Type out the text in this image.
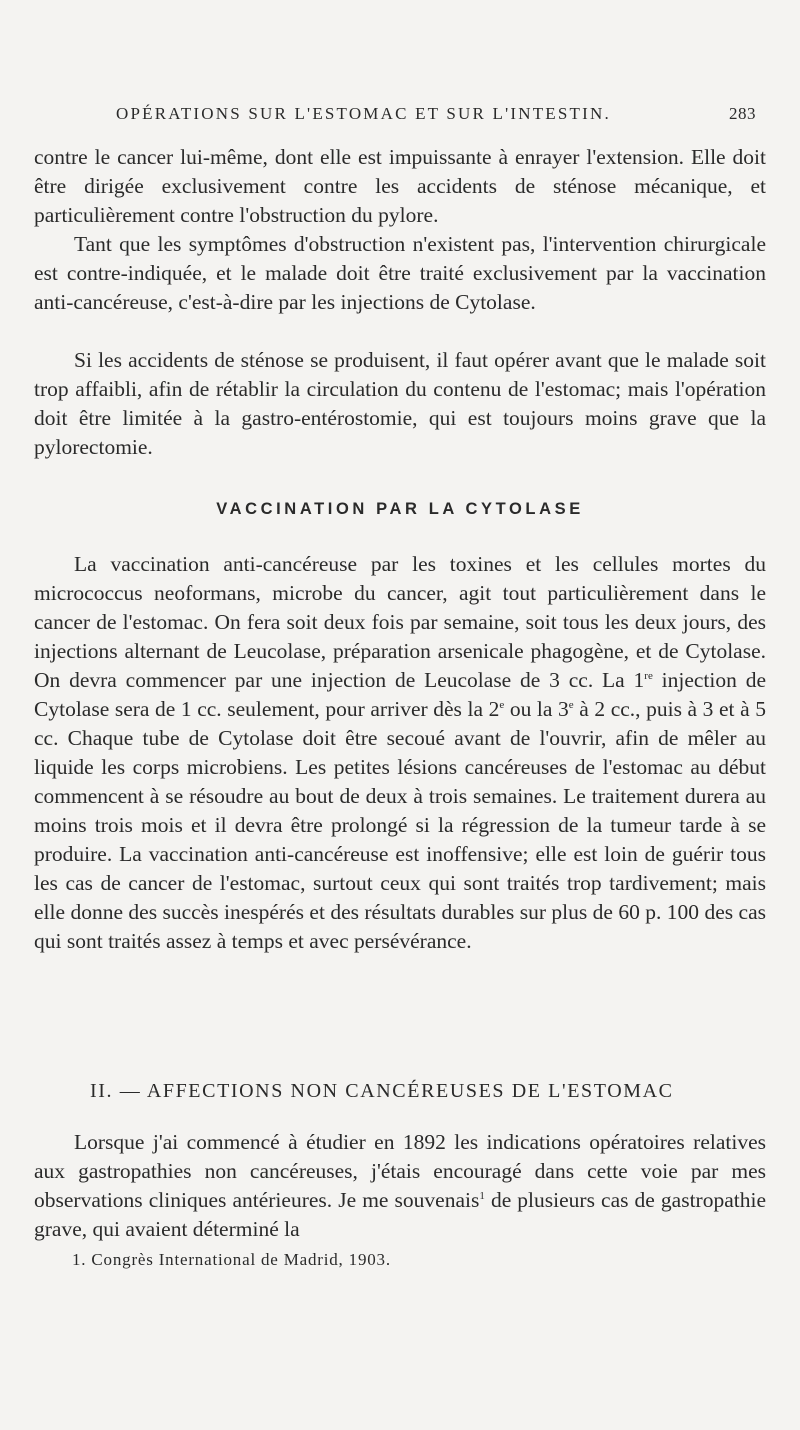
OPÉRATIONS SUR L'ESTOMAC ET SUR L'INTESTIN.	283

contre le cancer lui-même, dont elle est impuissante à enrayer l'extension. Elle doit être dirigée exclusivement contre les accidents de sténose mécanique, et particulièrement contre l'obstruction du pylore.

Tant que les symptômes d'obstruction n'existent pas, l'intervention chirurgicale est contre-indiquée, et le malade doit être traité exclusivement par la vaccination anti-cancéreuse, c'est-à-dire par les injections de Cytolase.

Si les accidents de sténose se produisent, il faut opérer avant que le malade soit trop affaibli, afin de rétablir la circulation du contenu de l'estomac; mais l'opération doit être limitée à la gastro-entérostomie, qui est toujours moins grave que la pylorectomie.

VACCINATION PAR LA CYTOLASE

La vaccination anti-cancéreuse par les toxines et les cellules mortes du micrococcus neoformans, microbe du cancer, agit tout particulièrement dans le cancer de l'estomac. On fera soit deux fois par semaine, soit tous les deux jours, des injections alternant de Leucolase, préparation arsenicale phagogène, et de Cytolase. On devra commencer par une injection de Leucolase de 3 cc. La 1re injection de Cytolase sera de 1 cc. seulement, pour arriver dès la 2e ou la 3e à 2 cc., puis à 3 et à 5 cc. Chaque tube de Cytolase doit être secoué avant de l'ouvrir, afin de mêler au liquide les corps microbiens. Les petites lésions cancéreuses de l'estomac au début commencent à se résoudre au bout de deux à trois semaines. Le traitement durera au moins trois mois et il devra être prolongé si la régression de la tumeur tarde à se produire. La vaccination anti-cancéreuse est inoffensive; elle est loin de guérir tous les cas de cancer de l'estomac, surtout ceux qui sont traités trop tardivement; mais elle donne des succès inespérés et des résultats durables sur plus de 60 p. 100 des cas qui sont traités assez à temps et avec persévérance.

II. — AFFECTIONS NON CANCÉREUSES DE L'ESTOMAC

Lorsque j'ai commencé à étudier en 1892 les indications opératoires relatives aux gastropathies non cancéreuses, j'étais encouragé dans cette voie par mes observations cliniques antérieures. Je me souvenais$^1$ de plusieurs cas de gastropathie grave, qui avaient déterminé la

1. Congrès International de Madrid, 1903.
